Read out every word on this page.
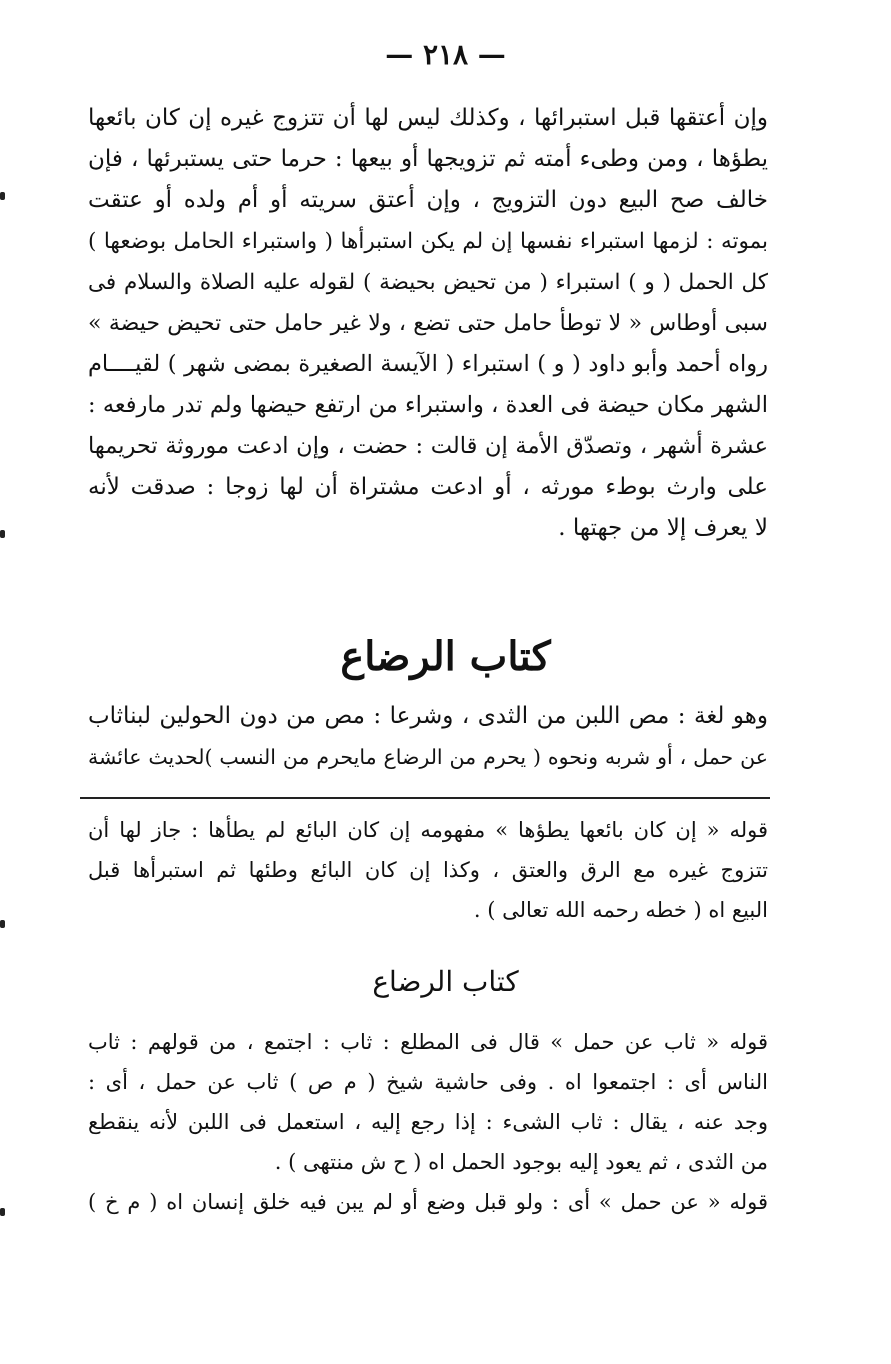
— ٢١٨ —
وإن أعتقها قبل استبرائها ، وكذلك ليس لها أن تتزوج غيره إن كان بائعها
يطؤها ، ومن وطىء أمته ثم تزويجها أو بيعها : حرما حتى يستبرئها ، فإن
خالف صح البيع دون التزويج ، وإن أعتق سريته أو أم ولده أو عتقت
بموته : لزمها استبراء نفسها إن لم يكن استبرأها ( واستبراء الحامل بوضعها )
كل الحمل ( و ) استبراء ( من تحيض بحيضة ) لقوله عليه الصلاة والسلام فى
سبى أوطاس « لا توطأ حامل حتى تضع ، ولا غير حامل حتى تحيض حيضة »
رواه أحمد وأبو داود ( و ) استبراء ( الآيسة الصغيرة بمضى شهر ) لقيــــام
الشهر مكان حيضة فى العدة ، واستبراء من ارتفع حيضها ولم تدر مارفعه :
عشرة أشهر ، وتصدّق الأمة إن قالت : حضت ، وإن ادعت موروثة تحريمها
على وارث بوطء مورثه ، أو ادعت مشتراة أن لها زوجا : صدقت لأنه
لا يعرف إلا من جهتها .
كتاب الرضاع
وهو لغة : مص اللبن من الثدى ، وشرعا : مص من دون الحولين لبناثاب
عن حمل ، أو شربه ونحوه ( يحرم من الرضاع مايحرم من النسب )لحديث عائشة
قوله « إن كان بائعها يطؤها » مفهومه إن كان البائع لم يطأها : جاز لها أن
تتزوج غيره مع الرق والعتق ، وكذا إن كان البائع وطئها ثم استبرأها قبل
البيع اه ( خطه رحمه الله تعالى ) .
كتاب الرضاع
قوله « ثاب عن حمل » قال فى المطلع : ثاب : اجتمع ، من قولهم : ثاب
الناس أى : اجتمعوا اه . وفى حاشية شيخ ( م ص ) ثاب عن حمل ، أى :
وجد عنه ، يقال : ثاب الشىء : إذا رجع إليه ، استعمل فى اللبن لأنه ينقطع
من الثدى ، ثم يعود إليه بوجود الحمل اه ( ح ش منتهى ) .
قوله « عن حمل » أى : ولو قبل وضع أو لم يبن فيه خلق إنسان اه ( م خ )
